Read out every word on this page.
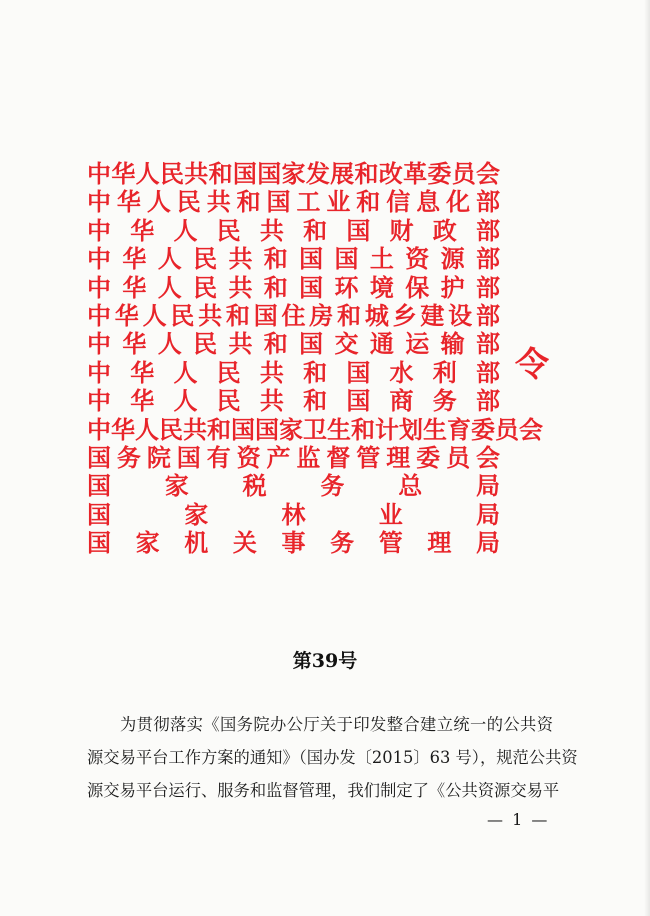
中 华 人 民 共 和 国 国 家 发 展 和 改 革 委 员 会
中 华 人 民 共 和 国 工 业 和 信 息 化 部
中 华 人 民 共 和 国 财 政 部
中 华 人 民 共 和 国 国 土 资 源 部
中 华 人 民 共 和 国 环 境 保 护 部
中 华 人 民 共 和 国 住 房 和 城 乡 建 设 部
中 华 人 民 共 和 国 交 通 运 输 部
中 华 人 民 共 和 国 水 利 部
中 华 人 民 共 和 国 商 务 部
中 华 人 民 共 和 国 国 家 卫 生 和 计 划 生 育 委 员 会
国 务 院 国 有 资 产 监 督 管 理 委 员 会
国 家 税 务 总 局
国	家	林	业	局
国 家 机 关 事 务 管 理 局
令
第39号
为贯彻落实《国务院办公厅关于印发整合建立统一的公共资
源交易平台工作方案的通知》（国办发〔2015〕63 号），规范公共资
源交易平台运行、服务和监督管理，我们制定了《公共资源交易平
— 1 —
